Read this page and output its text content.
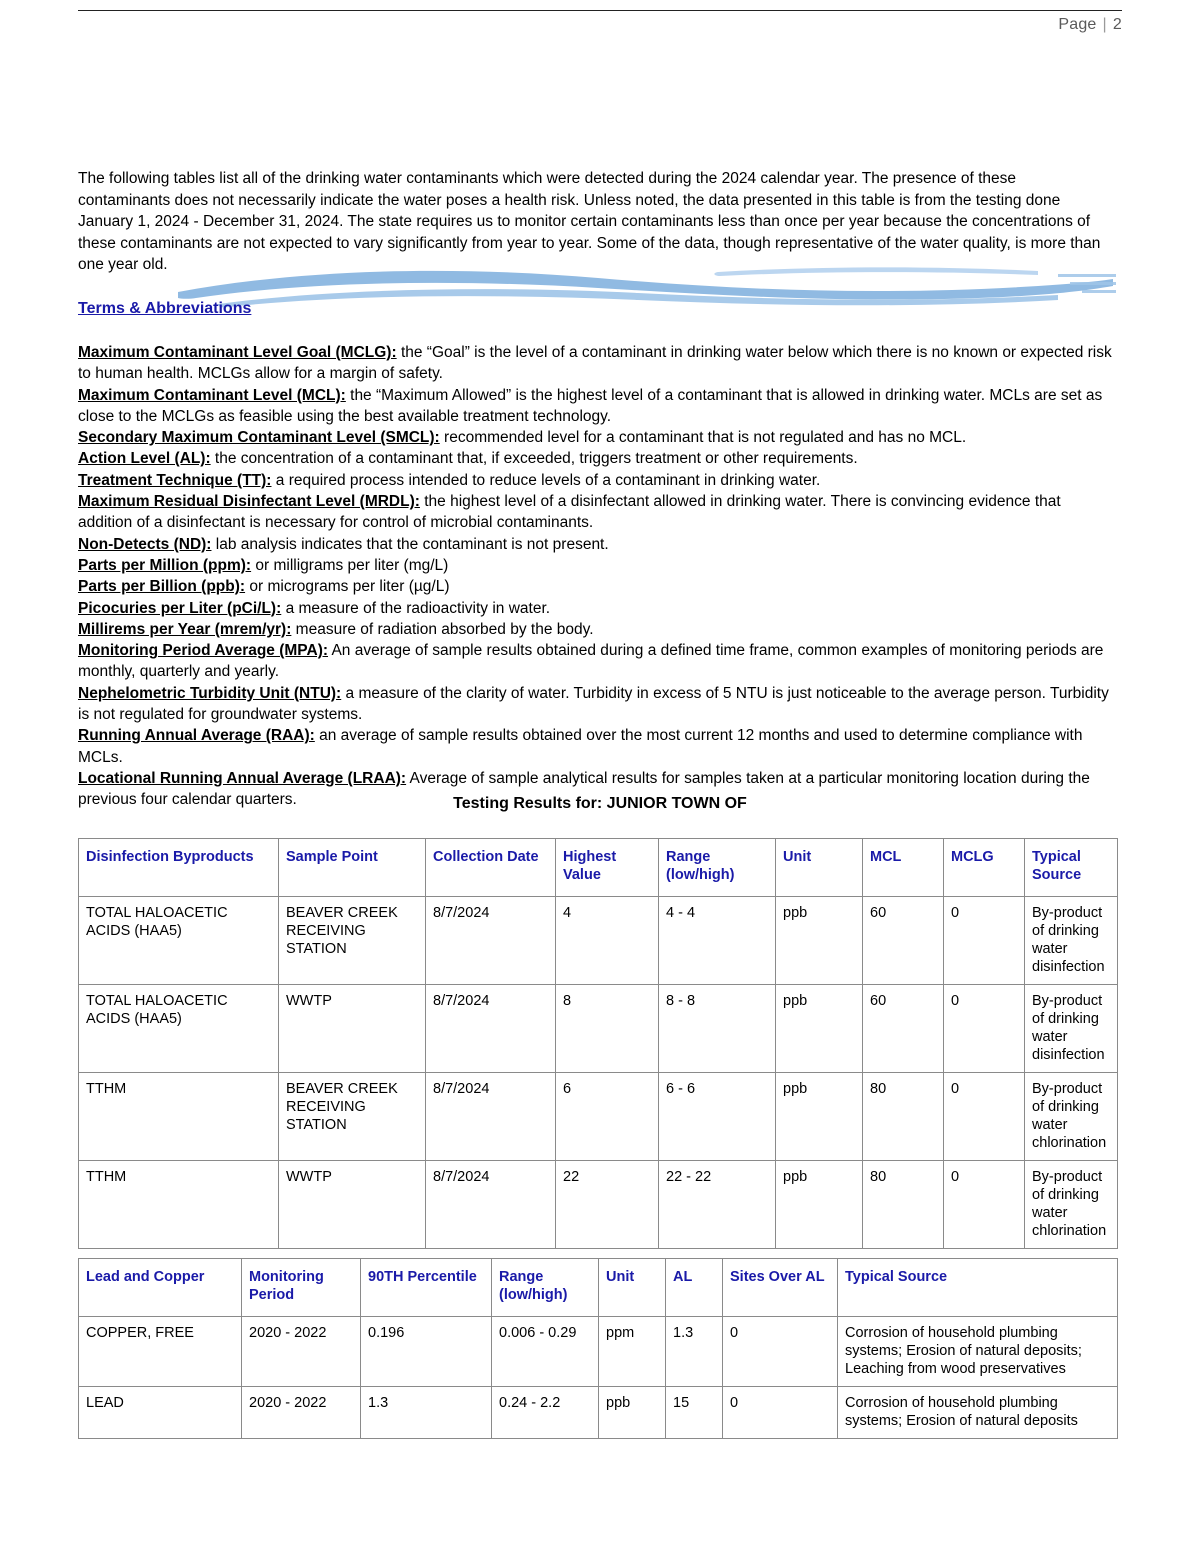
Page | 2
The following tables list all of the drinking water contaminants which were detected during the 2024 calendar year. The presence of these contaminants does not necessarily indicate the water poses a health risk. Unless noted, the data presented in this table is from the testing done January 1, 2024 - December 31, 2024. The state requires us to monitor certain contaminants less than once per year because the concentrations of these contaminants are not expected to vary significantly from year to year. Some of the data, though representative of the water quality, is more than one year old.
Terms & Abbreviations
Maximum Contaminant Level Goal (MCLG): the “Goal” is the level of a contaminant in drinking water below which there is no known or expected risk to human health. MCLGs allow for a margin of safety.
Maximum Contaminant Level (MCL): the “Maximum Allowed” is the highest level of a contaminant that is allowed in drinking water. MCLs are set as close to the MCLGs as feasible using the best available treatment technology.
Secondary Maximum Contaminant Level (SMCL): recommended level for a contaminant that is not regulated and has no MCL.
Action Level (AL): the concentration of a contaminant that, if exceeded, triggers treatment or other requirements.
Treatment Technique (TT): a required process intended to reduce levels of a contaminant in drinking water.
Maximum Residual Disinfectant Level (MRDL): the highest level of a disinfectant allowed in drinking water. There is convincing evidence that addition of a disinfectant is necessary for control of microbial contaminants.
Non-Detects (ND): lab analysis indicates that the contaminant is not present.
Parts per Million (ppm): or milligrams per liter (mg/L)
Parts per Billion (ppb): or micrograms per liter (µg/L)
Picocuries per Liter (pCi/L): a measure of the radioactivity in water.
Millirems per Year (mrem/yr): measure of radiation absorbed by the body.
Monitoring Period Average (MPA): An average of sample results obtained during a defined time frame, common examples of monitoring periods are monthly, quarterly and yearly.
Nephelometric Turbidity Unit (NTU): a measure of the clarity of water. Turbidity in excess of 5 NTU is just noticeable to the average person. Turbidity is not regulated for groundwater systems.
Running Annual Average (RAA): an average of sample results obtained over the most current 12 months and used to determine compliance with MCLs.
Locational Running Annual Average (LRAA): Average of sample analytical results for samples taken at a particular monitoring location during the previous four calendar quarters.	Testing Results for: JUNIOR TOWN OF
Disinfection Byproducts	Sample Point	Collection Date	Highest Value	Range (low/high)	Unit	MCL	MCLG	Typical Source
TOTAL HALOACETIC ACIDS (HAA5)	BEAVER CREEK RECEIVING STATION	8/7/2024	4	4 - 4	ppb	60	0	By-product of drinking water disinfection
TOTAL HALOACETIC ACIDS (HAA5)	WWTP	8/7/2024	8	8 - 8	ppb	60	0	By-product of drinking water disinfection
TTHM	BEAVER CREEK RECEIVING STATION	8/7/2024	6	6 - 6	ppb	80	0	By-product of drinking water chlorination
TTHM	WWTP	8/7/2024	22	22 - 22	ppb	80	0	By-product of drinking water chlorination
Lead and Copper	Monitoring Period	90TH Percentile	Range (low/high)	Unit	AL	Sites Over AL	Typical Source
COPPER, FREE	2020 - 2022	0.196	0.006 - 0.29	ppm	1.3	0	Corrosion of household plumbing systems; Erosion of natural deposits; Leaching from wood preservatives
LEAD	2020 - 2022	1.3	0.24 - 2.2	ppb	15	0	Corrosion of household plumbing systems; Erosion of natural deposits
